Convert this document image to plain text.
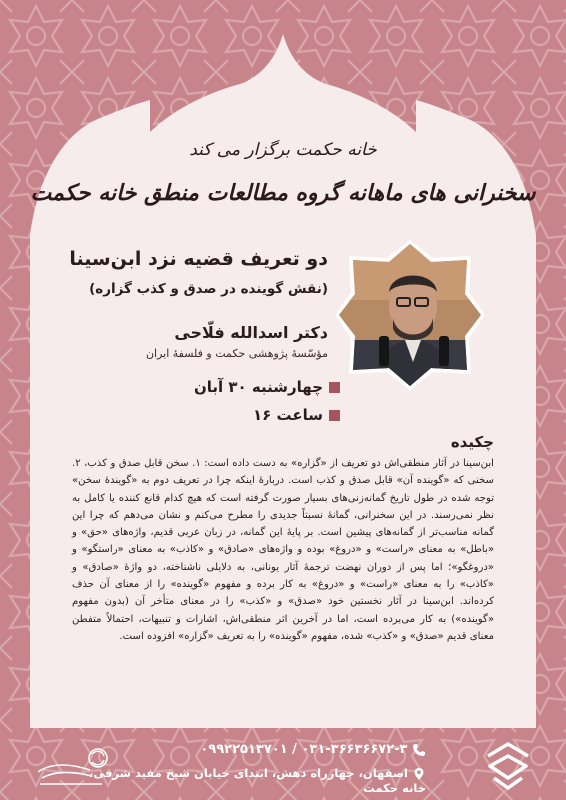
خانه حکمت برگزار می کند
سخنرانی های ماهانه گروه مطالعات منطق خانه حکمت
دو تعریف قضیه نزد ابن‌سینا
(نقش گوینده در صدق و کذب گزاره)
دکتر اسدالله فلّاحی
مؤسّسهٔ پژوهشی حکمت و فلسفهٔ ایران
چهارشنبه ۳۰ آبان
ساعت ۱۶
چکیده
ابن‌سینا در آثار منطقی‌اش دو تعریف از «گزاره» به دست داده است: ۱. سخن قابل صدق و کذب، ۲. سخنی که «گوینده آن» قابل صدق و کذب است. دربارهٔ اینکه چرا در تعریف دوم به «گویندهٔ سخن» توجه شده در طول تاریخ گمانه‌زنی‌های بسیار صورت گرفته است که هیچ کدام قانع کننده یا کامل به نظر نمی‌رسند. در این سخنرانی، گمانهٔ نسبتاً جدیدی را مطرح می‌کنم و نشان می‌دهم که چرا این گمانه مناسب‌تر از گمانه‌های پیشین است. بر پایهٔ این گمانه، در زبان عربی قدیم، واژه‌های «حق» و «باطل» به معنای «راست» و «دروغ» بوده و واژه‌های «صادق» و «کاذب» به معنای «راستگو» و «دروغگو»؛ اما پس از دوران نهضت ترجمهٔ آثار یونانی، به دلایلی ناشناخته، دو واژهٔ «صادق» و «کاذب» را به معنای «راست» و «دروغ» به کار برده و مفهوم «گوینده» را از معنای آن حذف کرده‌اند. ابن‌سینا در آثار نخستین خود «صدق» و «کذب» را در معنای متأخر آن (بدون مفهوم «گوینده») به کار می‌برده است، اما در آخرین اثر منطقی‌اش، اشارات و تنبیهات، احتمالاً متفطن معنای قدیم «صدق» و «کذب» شده، مفهوم «گوینده» را به تعریف «گزاره» افزوده است.
۰۳۱-۳۶۶۳۶۶۷۲-۳ / ۰۹۹۲۲۵۱۳۷۰۱
اصفهان، چهارراه دهش، ابتدای خیابان شیخ مفید شرقی، خانه حکمت
